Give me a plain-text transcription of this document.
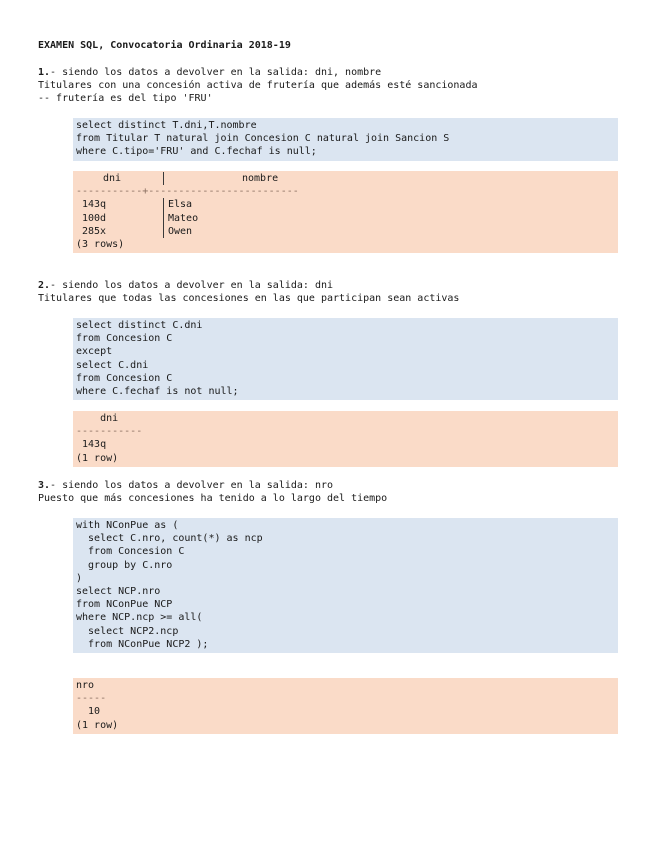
EXAMEN SQL, Convocatoria Ordinaria 2018-19
1.- siendo los datos a devolver en la salida: dni, nombre
Titulares con una concesión activa de frutería que además esté sancionada
-- frutería es del tipo 'FRU'
select distinct T.dni,T.nombre
from Titular T natural join Concesion C natural join Sancion S
where C.tipo='FRU' and C.fechaf is null;
dni	nombre
-----------+-------------------------
143q	Elsa
100d	Mateo
285x	Owen
(3 rows)
2.- siendo los datos a devolver en la salida: dni
Titulares que todas las concesiones en las que participan sean activas
select distinct C.dni
from Concesion C
except
select C.dni
from Concesion C
where C.fechaf is not null;
dni
-----------
143q
(1 row)
3.- siendo los datos a devolver en la salida: nro
Puesto que más concesiones ha tenido a lo largo del tiempo
with NConPue as (
select C.nro, count(*) as ncp
from Concesion C
group by C.nro
)
select NCP.nro
from NConPue NCP
where NCP.ncp >= all(
select NCP2.ncp
from NConPue NCP2 );
nro
-----
10
(1 row)
